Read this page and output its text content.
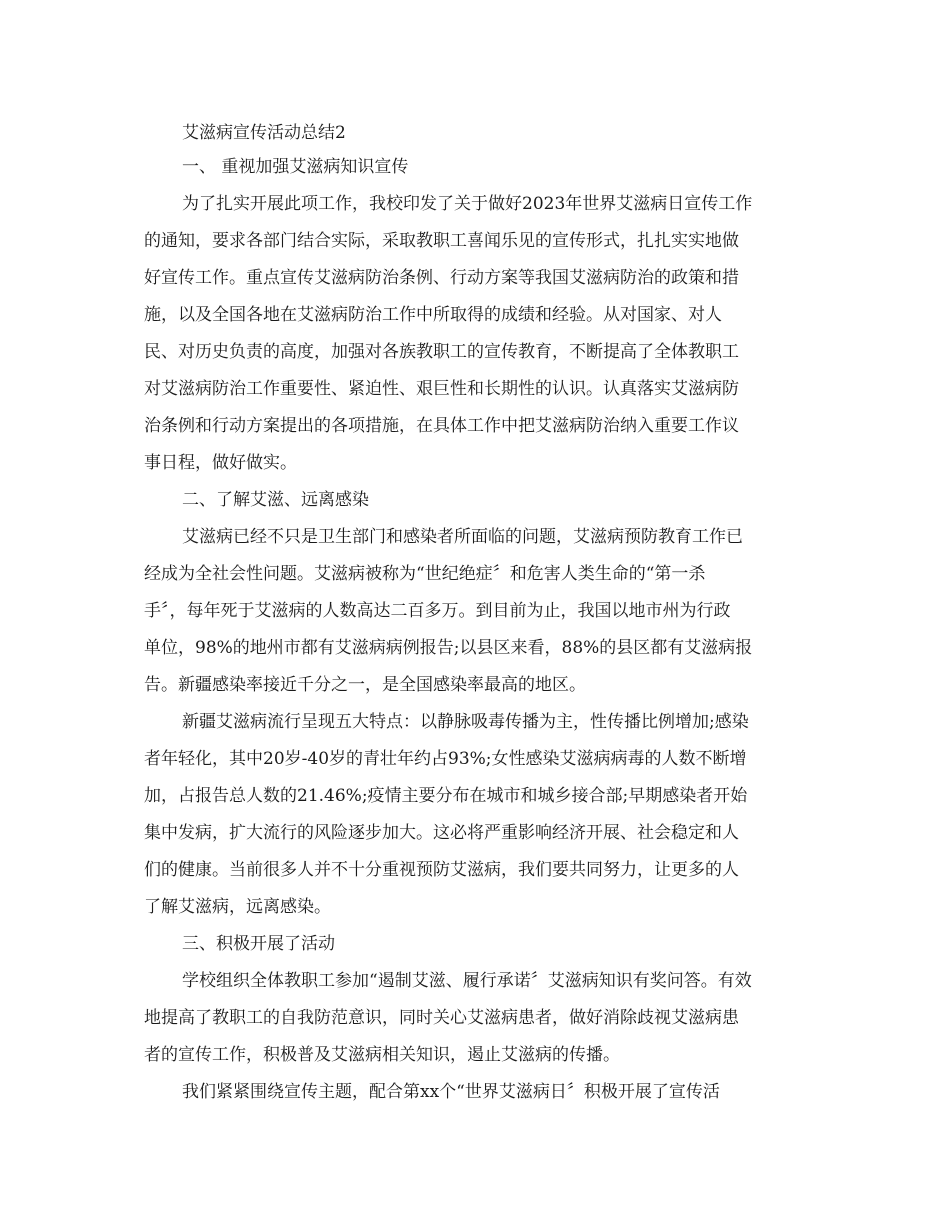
艾滋病宣传活动总结2
一、 重视加强艾滋病知识宣传
为了扎实开展此项工作，我校印发了关于做好2023年世界艾滋病日宣传工作
的通知，要求各部门结合实际，采取教职工喜闻乐见的宣传形式，扎扎实实地做
好宣传工作。重点宣传艾滋病防治条例、行动方案等我国艾滋病防治的政策和措
施，以及全国各地在艾滋病防治工作中所取得的成绩和经验。从对国家、对人
民、对历史负责的高度，加强对各族教职工的宣传教育，不断提高了全体教职工
对艾滋病防治工作重要性、紧迫性、艰巨性和长期性的认识。认真落实艾滋病防
治条例和行动方案提出的各项措施，在具体工作中把艾滋病防治纳入重要工作议
事日程，做好做实。
二、了解艾滋、远离感染
艾滋病已经不只是卫生部门和感染者所面临的问题，艾滋病预防教育工作已
经成为全社会性问题。艾滋病被称为“世纪绝症〞和危害人类生命的“第一杀
手〞，每年死于艾滋病的人数高达二百多万。到目前为止，我国以地市州为行政
单位，98%的地州市都有艾滋病病例报告;以县区来看，88%的县区都有艾滋病报
告。新疆感染率接近千分之一，是全国感染率最高的地区。
新疆艾滋病流行呈现五大特点：以静脉吸毒传播为主，性传播比例增加;感染
者年轻化，其中20岁-40岁的青壮年约占93%;女性感染艾滋病病毒的人数不断增
加，占报告总人数的21.46%;疫情主要分布在城市和城乡接合部;早期感染者开始
集中发病，扩大流行的风险逐步加大。这必将严重影响经济开展、社会稳定和人
们的健康。当前很多人并不十分重视预防艾滋病，我们要共同努力，让更多的人
了解艾滋病，远离感染。
三、积极开展了活动
学校组织全体教职工参加“遏制艾滋、履行承诺〞艾滋病知识有奖问答。有效
地提高了教职工的自我防范意识，同时关心艾滋病患者，做好消除歧视艾滋病患
者的宣传工作，积极普及艾滋病相关知识，遏止艾滋病的传播。
我们紧紧围绕宣传主题，配合第xx个“世界艾滋病日〞积极开展了宣传活
